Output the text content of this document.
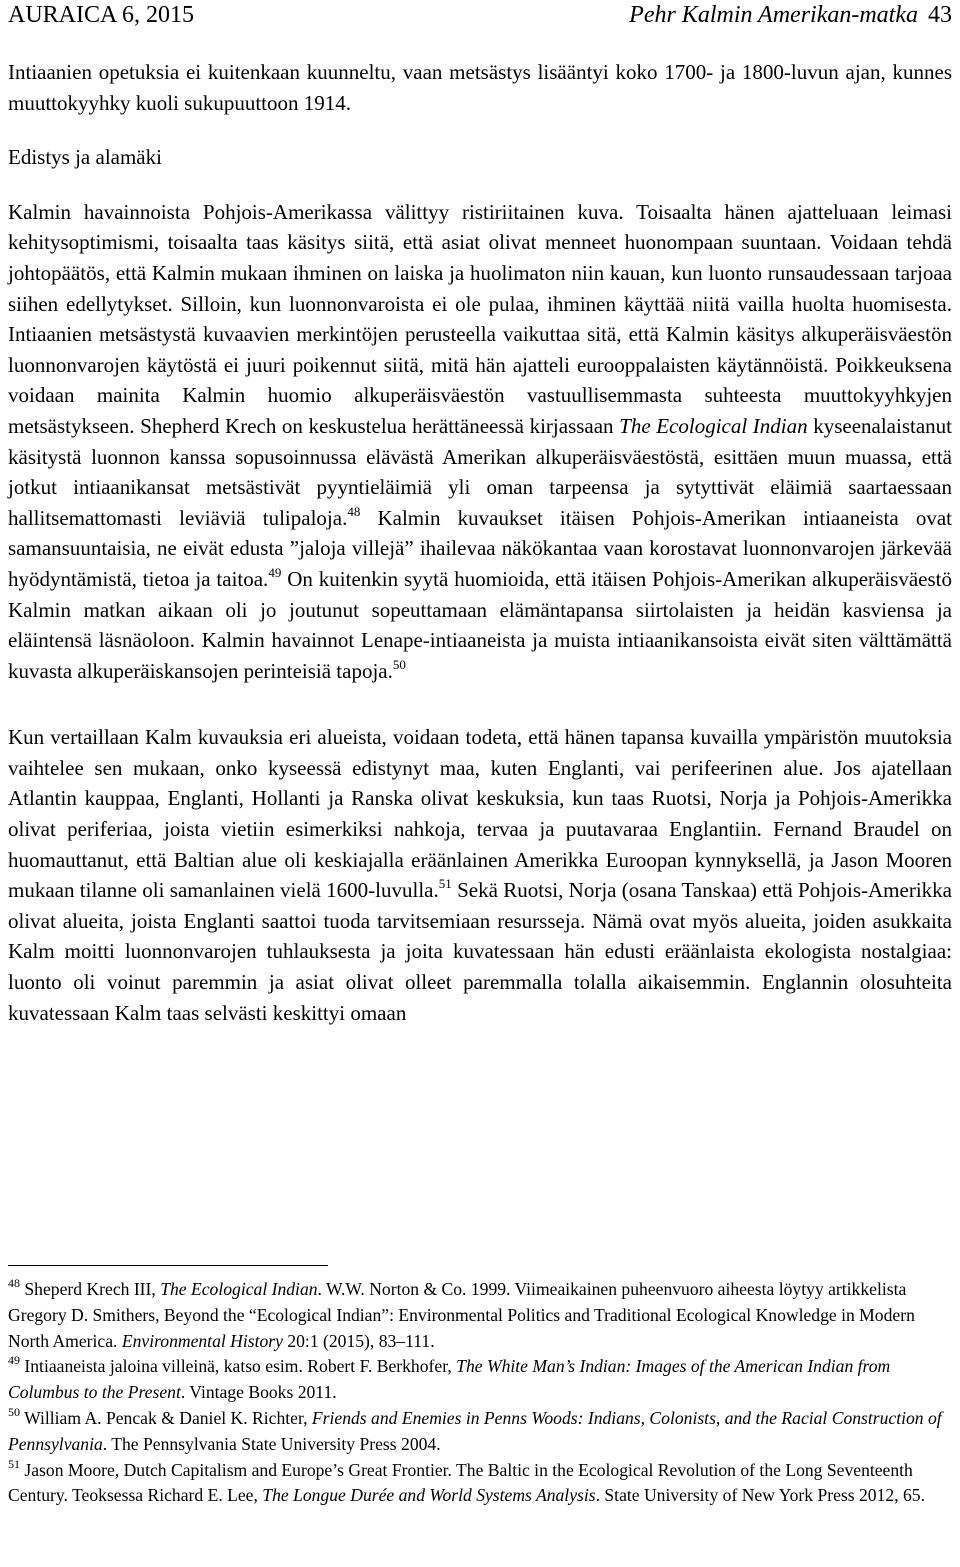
AURAICA 6, 2015	Pehr Kalmin Amerikan-matka 43

Intiaanien opetuksia ei kuitenkaan kuunneltu, vaan metsästys lisääntyi koko 1700- ja 1800-luvun ajan, kunnes muuttokyyhky kuoli sukupuuttoon 1914.

Edistys ja alamäki

Kalmin havainnoista Pohjois-Amerikassa välittyy ristiriitainen kuva. Toisaalta hänen ajatteluaan leimasi kehitysoptimismi, toisaalta taas käsitys siitä, että asiat olivat menneet huonompaan suuntaan. Voidaan tehdä johtopäätös, että Kalmin mukaan ihminen on laiska ja huolimaton niin kauan, kun luonto runsaudessaan tarjoaa siihen edellytykset. Silloin, kun luonnonvaroista ei ole pulaa, ihminen käyttää niitä vailla huolta huomisesta. Intiaanien metsästystä kuvaavien merkintöjen perusteella vaikuttaa sitä, että Kalmin käsitys alkuperäisväestön luonnonvarojen käytöstä ei juuri poikennut siitä, mitä hän ajatteli eurooppalaisten käytännöistä. Poikkeuksena voidaan mainita Kalmin huomio alkuperäisväestön vastuullisemmasta suhteesta muuttokyyhkyjen metsästykseen. Shepherd Krech on keskustelua herättäneessä kirjassaan The Ecological Indian kyseenalaistanut käsitystä luonnon kanssa sopusoinnussa elävästä Amerikan alkuperäisväestöstä, esittäen muun muassa, että jotkut intiaanikansat metsästivät pyyntieläimiä yli oman tarpeensa ja sytyttivät eläimiä saartaessaan hallitsemattomasti leviäviä tulipaloja.$^{48}$ Kalmin kuvaukset itäisen Pohjois-Amerikan intiaaneista ovat samansuuntaisia, ne eivät edusta ”jaloja villejä” ihailevaa näkökantaa vaan korostavat luonnonvarojen järkevää hyödyntämistä, tietoa ja taitoa.$^{49}$ On kuitenkin syytä huomioida, että itäisen Pohjois-Amerikan alkuperäisväestö Kalmin matkan aikaan oli jo joutunut sopeuttamaan elämäntapansa siirtolaisten ja heidän kasviensa ja eläintensä läsnäoloon. Kalmin havainnot Lenape-intiaaneista ja muista intiaanikansoista eivät siten välttämättä kuvasta alkuperäiskansojen perinteisiä tapoja.$^{50}$

Kun vertaillaan Kalm kuvauksia eri alueista, voidaan todeta, että hänen tapansa kuvailla ympäristön muutoksia vaihtelee sen mukaan, onko kyseessä edistynyt maa, kuten Englanti, vai perifeerinen alue. Jos ajatellaan Atlantin kauppaa, Englanti, Hollanti ja Ranska olivat keskuksia, kun taas Ruotsi, Norja ja Pohjois-Amerikka olivat periferiaa, joista vietiin esimerkiksi nahkoja, tervaa ja puutavaraa Englantiin. Fernand Braudel on huomauttanut, että Baltian alue oli keskiajalla eräänlainen Amerikka Euroopan kynnyksellä, ja Jason Mooren mukaan tilanne oli samanlainen vielä 1600-luvulla.$^{51}$ Sekä Ruotsi, Norja (osana Tanskaa) että Pohjois-Amerikka olivat alueita, joista Englanti saattoi tuoda tarvitsemiaan resursseja. Nämä ovat myös alueita, joiden asukkaita Kalm moitti luonnonvarojen tuhlauksesta ja joita kuvatessaan hän edusti eräänlaista ekologista nostalgiaa: luonto oli voinut paremmin ja asiat olivat olleet paremmalla tolalla aikaisemmin. Englannin olosuhteita kuvatessaan Kalm taas selvästi keskittyi omaan

$^{48}$ Sheperd Krech III, The Ecological Indian. W.W. Norton & Co. 1999. Viimeaikainen puheenvuoro aiheesta löytyy artikkelista Gregory D. Smithers, Beyond the “Ecological Indian”: Environmental Politics and Traditional Ecological Knowledge in Modern North America. Environmental History 20:1 (2015), 83–111.

$^{49}$ Intiaaneista jaloina villeinä, katso esim. Robert F. Berkhofer, The White Man’s Indian: Images of the American Indian from Columbus to the Present. Vintage Books 2011.

$^{50}$ William A. Pencak & Daniel K. Richter, Friends and Enemies in Penns Woods: Indians, Colonists, and the Racial Construction of Pennsylvania. The Pennsylvania State University Press 2004.

$^{51}$ Jason Moore, Dutch Capitalism and Europe’s Great Frontier. The Baltic in the Ecological Revolution of the Long Seventeenth Century. Teoksessa Richard E. Lee, The Longue Durée and World Systems Analysis. State University of New York Press 2012, 65.
